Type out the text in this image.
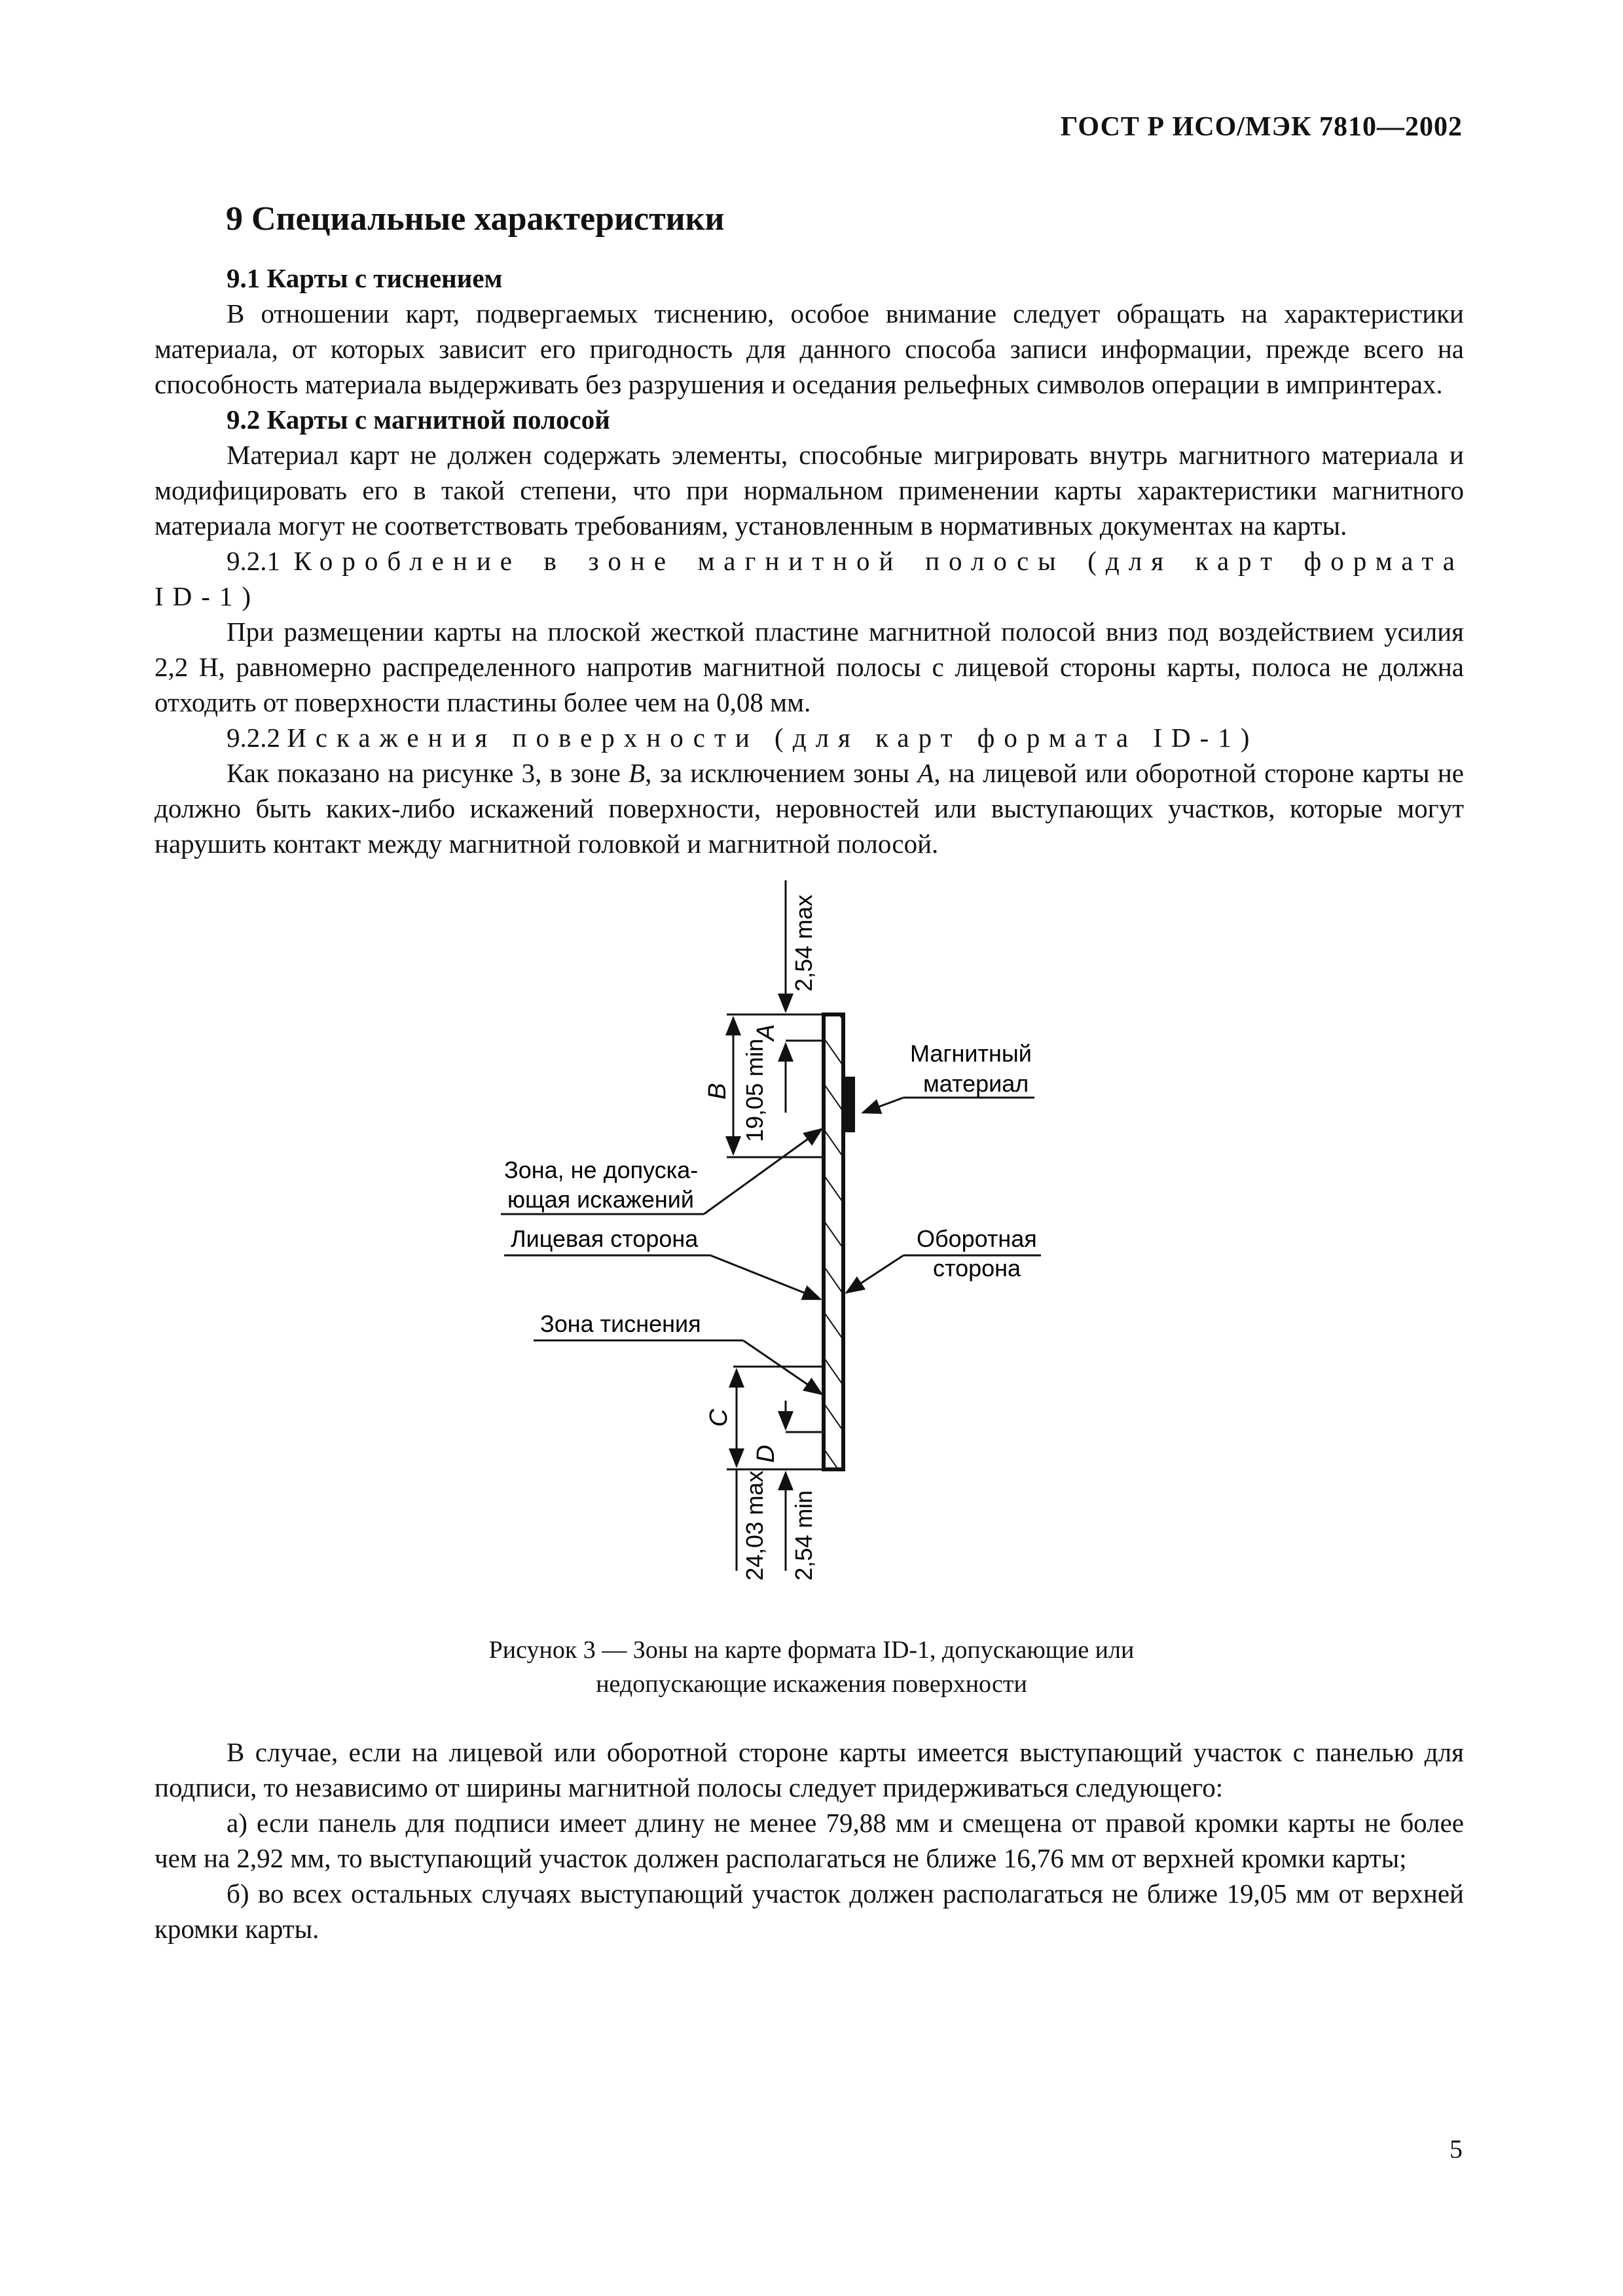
ГОСТ Р ИСО/МЭК 7810—2002
9 Специальные характеристики

9.1 Карты с тиснением

В отношении карт, подвергаемых тиснению, особое внимание следует обращать на характеристики материала, от которых зависит его пригодность для данного способа записи информации, прежде всего на способность материала выдерживать без разрушения и оседания рельефных символов операции в импринтерах.

9.2 Карты с магнитной полосой

Материал карт не должен содержать элементы, способные мигрировать внутрь магнитного материала и модифицировать его в такой степени, что при нормальном применении карты характеристики магнитного материала могут не соответствовать требованиям, установленным в нормативных документах на карты.

9.2.1 Коробление в зоне магнитной полосы (для карт формата ID-1)

При размещении карты на плоской жесткой пластине магнитной полосой вниз под воздействием усилия 2,2 Н, равномерно распределенного напротив магнитной полосы с лицевой стороны карты, полоса не должна отходить от поверхности пластины более чем на 0,08 мм.

9.2.2 Искажения поверхности (для карт формата ID-1)

Как показано на рисунке 3, в зоне B, за исключением зоны A, на лицевой или оборотной стороне карты не должно быть каких-либо искажений поверхности, неровностей или выступающих участков, которые могут нарушить контакт между магнитной головкой и магнитной полосой.

2,54 max
A
B 19,05 min
C
D
24,03 max 2,54 min
Магнитный
материал
Зона, не допуска-
ющая искажений
Лицевая сторона	Оборотная
сторона
Зона тиснения
Рисунок 3 — Зоны на карте формата ID-1, допускающие или
недопускающие искажения поверхности

В случае, если на лицевой или оборотной стороне карты имеется выступающий участок с панелью для подписи, то независимо от ширины магнитной полосы следует придерживаться следующего:

а) если панель для подписи имеет длину не менее 79,88 мм и смещена от правой кромки карты не более чем на 2,92 мм, то выступающий участок должен располагаться не ближе 16,76 мм от верхней кромки карты;

б) во всех остальных случаях выступающий участок должен располагаться не ближе 19,05 мм от верхней кромки карты.

5
